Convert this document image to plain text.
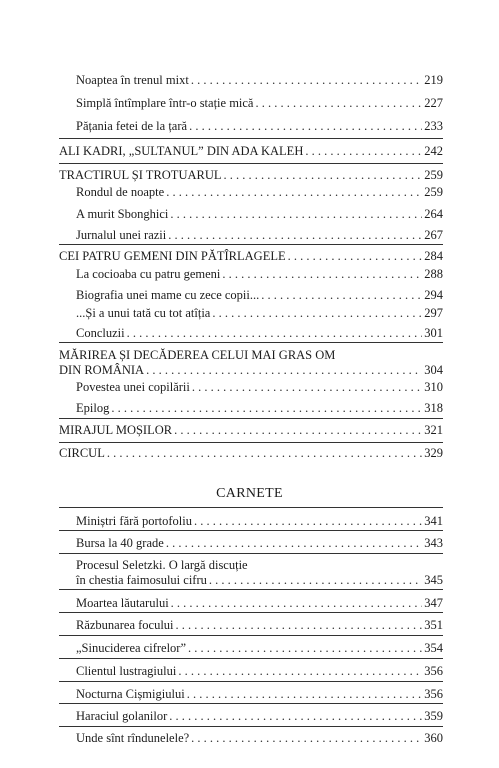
Noaptea în trenul mixt . . .	219
Simplă întîmplare într-o stație mică . . .	227
Pățania fetei de la țară . . .	233
ALI KADRI, „SULTANUL” DIN ADA KALEH . . .	242
TRACTIRUL ȘI TROTUARUL . . .	259
Rondul de noapte . . .	259
A murit Sbonghici . . .	264
Jurnalul unei razii . . .	267
CEI PATRU GEMENI DIN PĂTÎRLAGELE . . .	284
La cocioaba cu patru gemeni . . .	288
Biografia unei mame cu zece copii... . . .	294
...Și a unui tată cu tot atîția . . .	297
Concluzii . . .	301
MĂRIREA ȘI DECĂDEREA CELUI MAI GRAS OM
DIN ROMÂNIA . . .	304
Povestea unei copilării . . .	310
Epilog . . .	318
MIRAJUL MOȘILOR . . .	321
CIRCUL . . .	329
CARNETE
Miniștri fără portofoliu . . .	341
Bursa la 40 grade . . .	343
Procesul Seletzki. O largă discuție
în chestia faimosului cifru . . .	345
Moartea lăutarului . . .	347
Răzbunarea focului . . .	351
„Sinuciderea cifrelor” . . .	354
Clientul lustragiului . . .	356
Nocturna Cișmigiului . . .	356
Haraciul golanilor . . .	359
Unde sînt rîndunelele? . . .	360
